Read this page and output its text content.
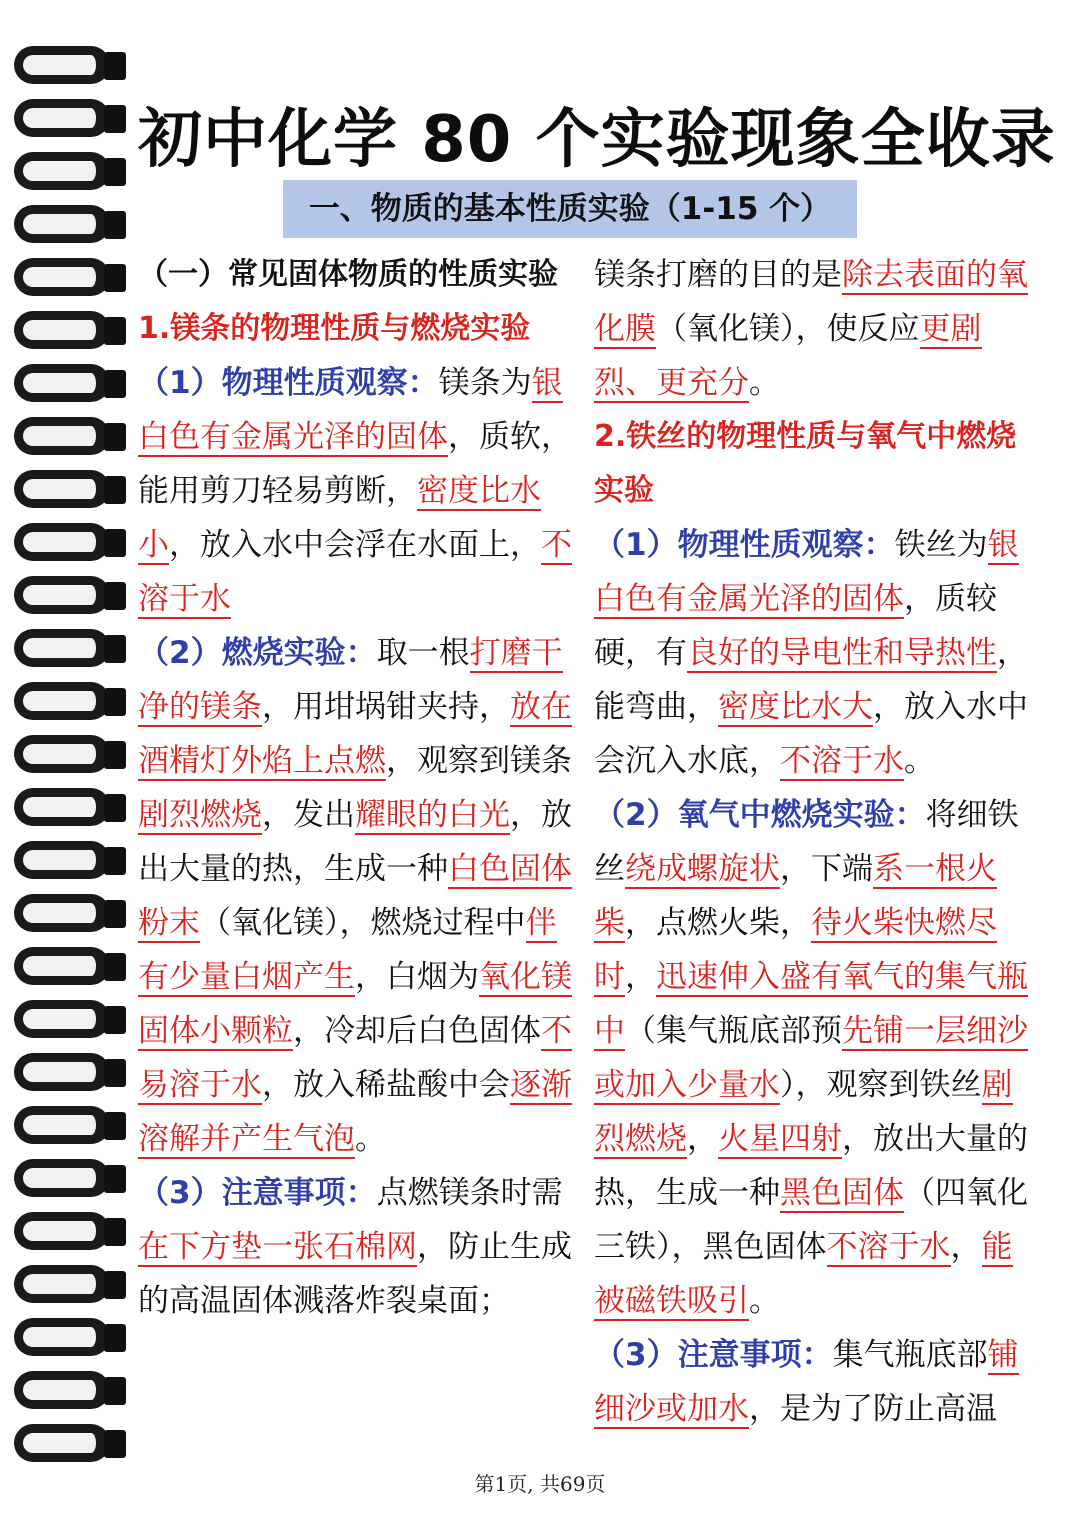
初中化学 80 个实验现象全收录
一、物质的基本性质实验（1-15 个）

（一）常见固体物质的性质实验

1.镁条的物理性质与燃烧实验

（1）物理性质观察：镁条为银白色有金属光泽的固体，质软，能用剪刀轻易剪断，密度比水小，放入水中会浮在水面上，不溶于水

（2）燃烧实验：取一根打磨干净的镁条，用坩埚钳夹持，放在酒精灯外焰上点燃，观察到镁条剧烈燃烧，发出耀眼的白光，放出大量的热，生成一种白色固体粉末（氧化镁），燃烧过程中伴有少量白烟产生，白烟为氧化镁固体小颗粒，冷却后白色固体不易溶于水，放入稀盐酸中会逐渐溶解并产生气泡。

（3）注意事项：点燃镁条时需在下方垫一张石棉网，防止生成的高温固体溅落炸裂桌面；

镁条打磨的目的是除去表面的氧化膜（氧化镁），使反应更剧烈、更充分。

2.铁丝的物理性质与氧气中燃烧实验

（1）物理性质观察：铁丝为银白色有金属光泽的固体，质较硬，有良好的导电性和导热性，能弯曲，密度比水大，放入水中会沉入水底，不溶于水。

（2）氧气中燃烧实验：将细铁丝绕成螺旋状，下端系一根火柴，点燃火柴，待火柴快燃尽时，迅速伸入盛有氧气的集气瓶中（集气瓶底部预先铺一层细沙或加入少量水），观察到铁丝剧烈燃烧，火星四射，放出大量的热，生成一种黑色固体（四氧化三铁），黑色固体不溶于水，能被磁铁吸引。

（3）注意事项：集气瓶底部铺细沙或加水，是为了防止高温

第1页, 共69页
